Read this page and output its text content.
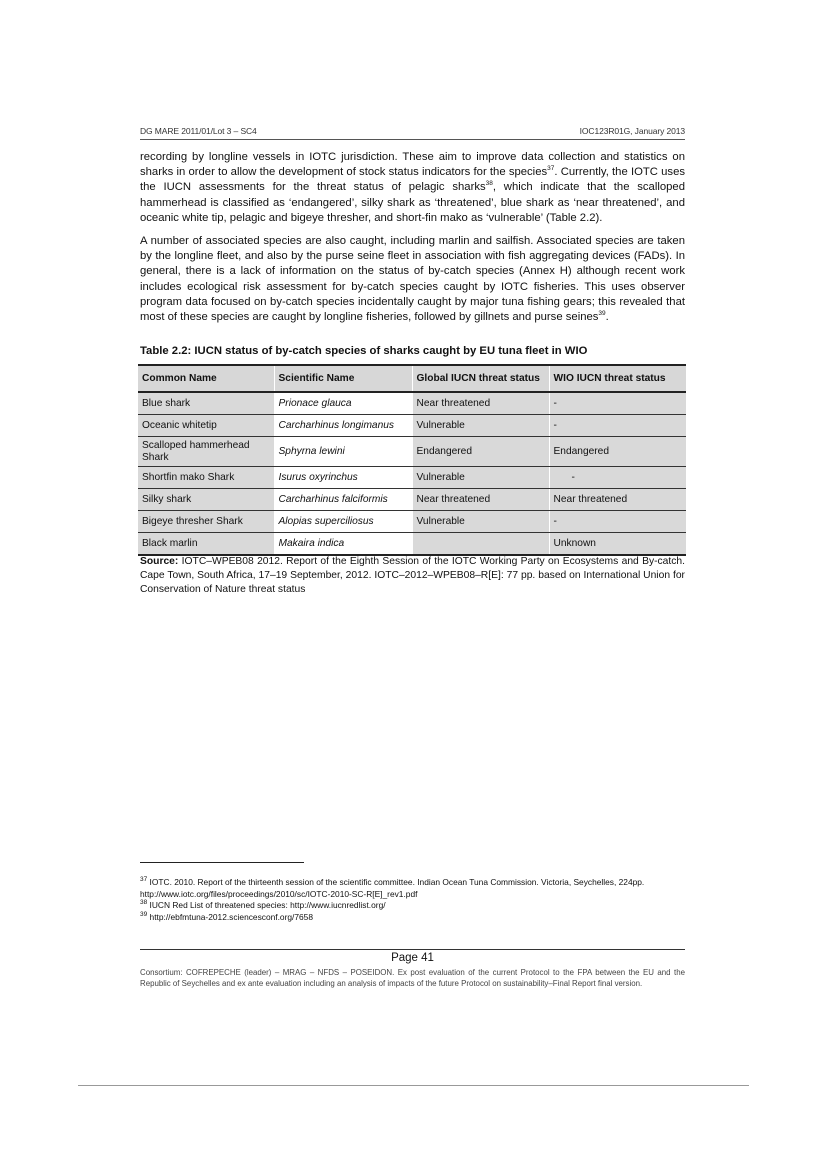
DG MARE 2011/01/Lot 3 – SC4	IOC123R01G, January 2013

recording by longline vessels in IOTC jurisdiction. These aim to improve data collection and statistics on sharks in order to allow the development of stock status indicators for the species$^{37}$. Currently, the IOTC uses the IUCN assessments for the threat status of pelagic sharks$^{38}$, which indicate that the scalloped hammerhead is classified as ‘endangered’, silky shark as ‘threatened’, blue shark as ‘near threatened’, and oceanic white tip, pelagic and bigeye thresher, and short-fin mako as ‘vulnerable’ (Table 2.2).

A number of associated species are also caught, including marlin and sailfish. Associated species are taken by the longline fleet, and also by the purse seine fleet in association with fish aggregating devices (FADs). In general, there is a lack of information on the status of by-catch species (Annex H) although recent work includes ecological risk assessment for by-catch species caught by IOTC fisheries. This uses observer program data focused on by-catch species incidentally caught by major tuna fishing gears; this revealed that most of these species are caught by longline fisheries, followed by gillnets and purse seines$^{39}$.

Table 2.2: IUCN status of by-catch species of sharks caught by EU tuna fleet in WIO
Common Name	Scientific Name	Global IUCN threat status	WIO IUCN threat status
Blue shark	Prionace glauca	Near threatened	-
Oceanic whitetip	Carcharhinus longimanus	Vulnerable	-
Scalloped hammerhead Shark	Sphyrna lewini	Endangered	Endangered
Shortfin mako Shark	Isurus oxyrinchus	Vulnerable	-
Silky shark	Carcharhinus falciformis	Near threatened	Near threatened
Bigeye thresher Shark	Alopias superciliosus	Vulnerable	-
Black marlin	Makaira indica		Unknown
Source: IOTC–WPEB08 2012. Report of the Eighth Session of the IOTC Working Party on Ecosystems and By-catch. Cape Town, South Africa, 17–19 September, 2012. IOTC–2012–WPEB08–R[E]: 77 pp. based on International Union for Conservation of Nature threat status
$^{37}$ IOTC. 2010. Report of the thirteenth session of the scientific committee. Indian Ocean Tuna Commission. Victoria, Seychelles, 224pp. http://www.iotc.org/files/proceedings/2010/sc/IOTC-2010-SC-R[E]_rev1.pdf
$^{38}$ IUCN Red List of threatened species: http://www.iucnredlist.org/
$^{39}$ http://ebfmtuna-2012.sciencesconf.org/7658
Page 41
Consortium: COFREPECHE (leader) – MRAG – NFDS – POSEIDON. Ex post evaluation of the current Protocol to the FPA between the EU and the Republic of Seychelles and ex ante evaluation including an analysis of impacts of the future Protocol on sustainability–Final Report final version.
